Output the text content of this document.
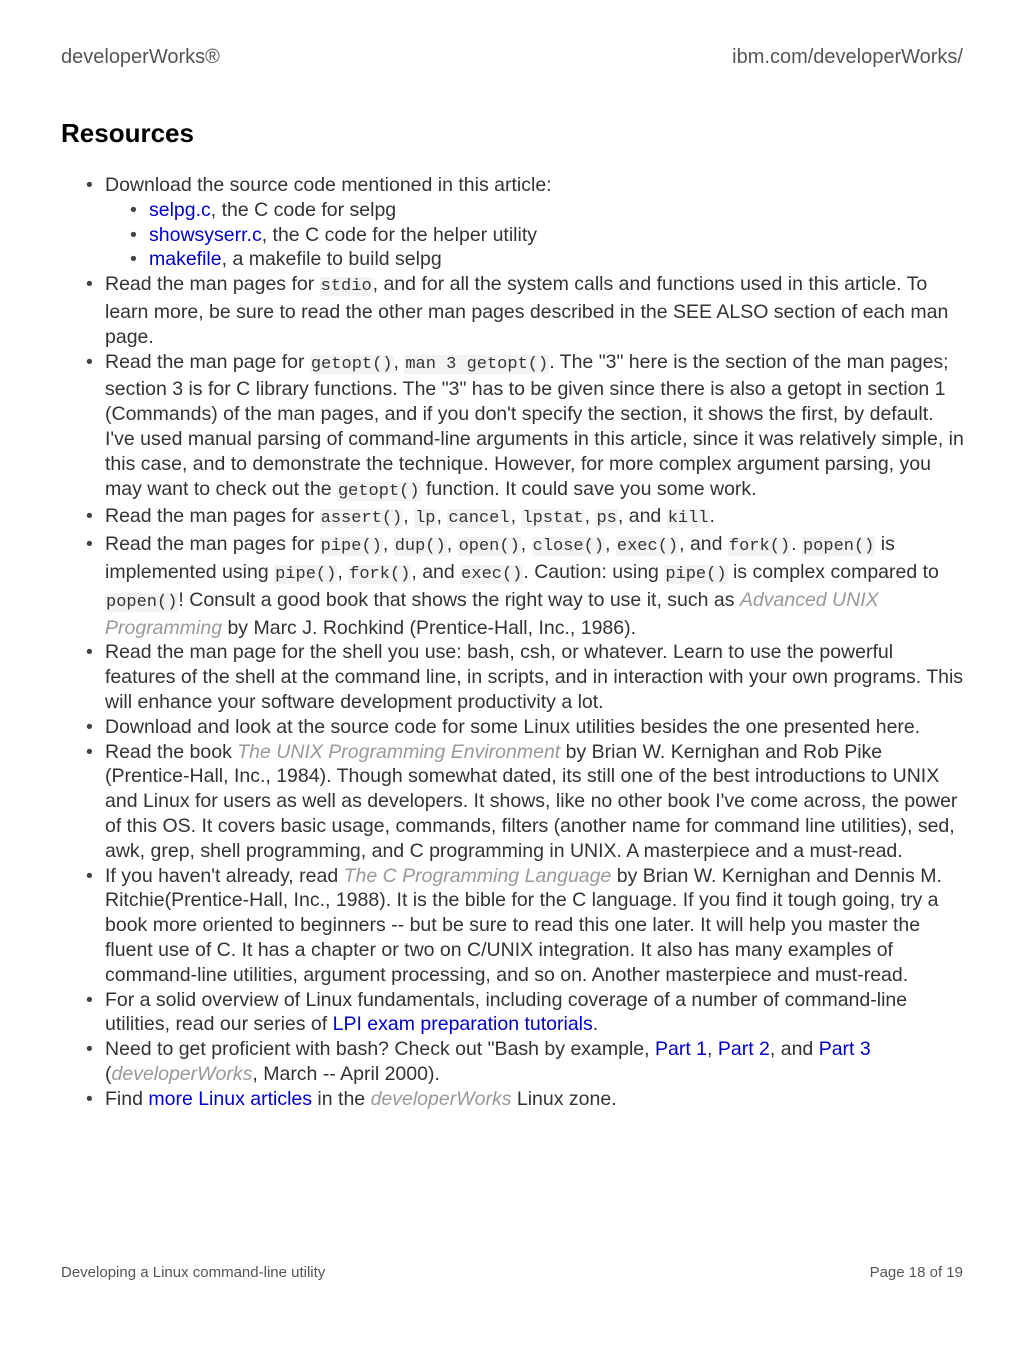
developerWorks®	ibm.com/developerWorks/
Resources
• Download the source code mentioned in this article:
• selpg.c, the C code for selpg
• showsyserr.c, the C code for the helper utility
• makefile, a makefile to build selpg
• Read the man pages for stdio, and for all the system calls and functions used in this article. To learn more, be sure to read the other man pages described in the SEE ALSO section of each man page.
• Read the man page for getopt(), man 3 getopt(). The "3" here is the section of the man pages; section 3 is for C library functions. The "3" has to be given since there is also a getopt in section 1 (Commands) of the man pages, and if you don't specify the section, it shows the first, by default. I've used manual parsing of command-line arguments in this article, since it was relatively simple, in this case, and to demonstrate the technique. However, for more complex argument parsing, you may want to check out the getopt() function. It could save you some work.
• Read the man pages for assert(), lp, cancel, lpstat, ps, and kill.
• Read the man pages for pipe(), dup(), open(), close(), exec(), and fork(). popen() is implemented using pipe(), fork(), and exec(). Caution: using pipe() is complex compared to popen()! Consult a good book that shows the right way to use it, such as Advanced UNIX Programming by Marc J. Rochkind (Prentice-Hall, Inc., 1986).
• Read the man page for the shell you use: bash, csh, or whatever. Learn to use the powerful features of the shell at the command line, in scripts, and in interaction with your own programs. This will enhance your software development productivity a lot.
• Download and look at the source code for some Linux utilities besides the one presented here.
• Read the book The UNIX Programming Environment by Brian W. Kernighan and Rob Pike (Prentice-Hall, Inc., 1984). Though somewhat dated, its still one of the best introductions to UNIX and Linux for users as well as developers. It shows, like no other book I've come across, the power of this OS. It covers basic usage, commands, filters (another name for command line utilities), sed, awk, grep, shell programming, and C programming in UNIX. A masterpiece and a must-read.
• If you haven't already, read The C Programming Language by Brian W. Kernighan and Dennis M. Ritchie(Prentice-Hall, Inc., 1988). It is the bible for the C language. If you find it tough going, try a book more oriented to beginners -- but be sure to read this one later. It will help you master the fluent use of C. It has a chapter or two on C/UNIX integration. It also has many examples of command-line utilities, argument processing, and so on. Another masterpiece and must-read.
• For a solid overview of Linux fundamentals, including coverage of a number of command-line utilities, read our series of LPI exam preparation tutorials.
• Need to get proficient with bash? Check out "Bash by example, Part 1, Part 2, and Part 3 (developerWorks, March -- April 2000).
• Find more Linux articles in the developerWorks Linux zone.
Developing a Linux command-line utility	Page 18 of 19
